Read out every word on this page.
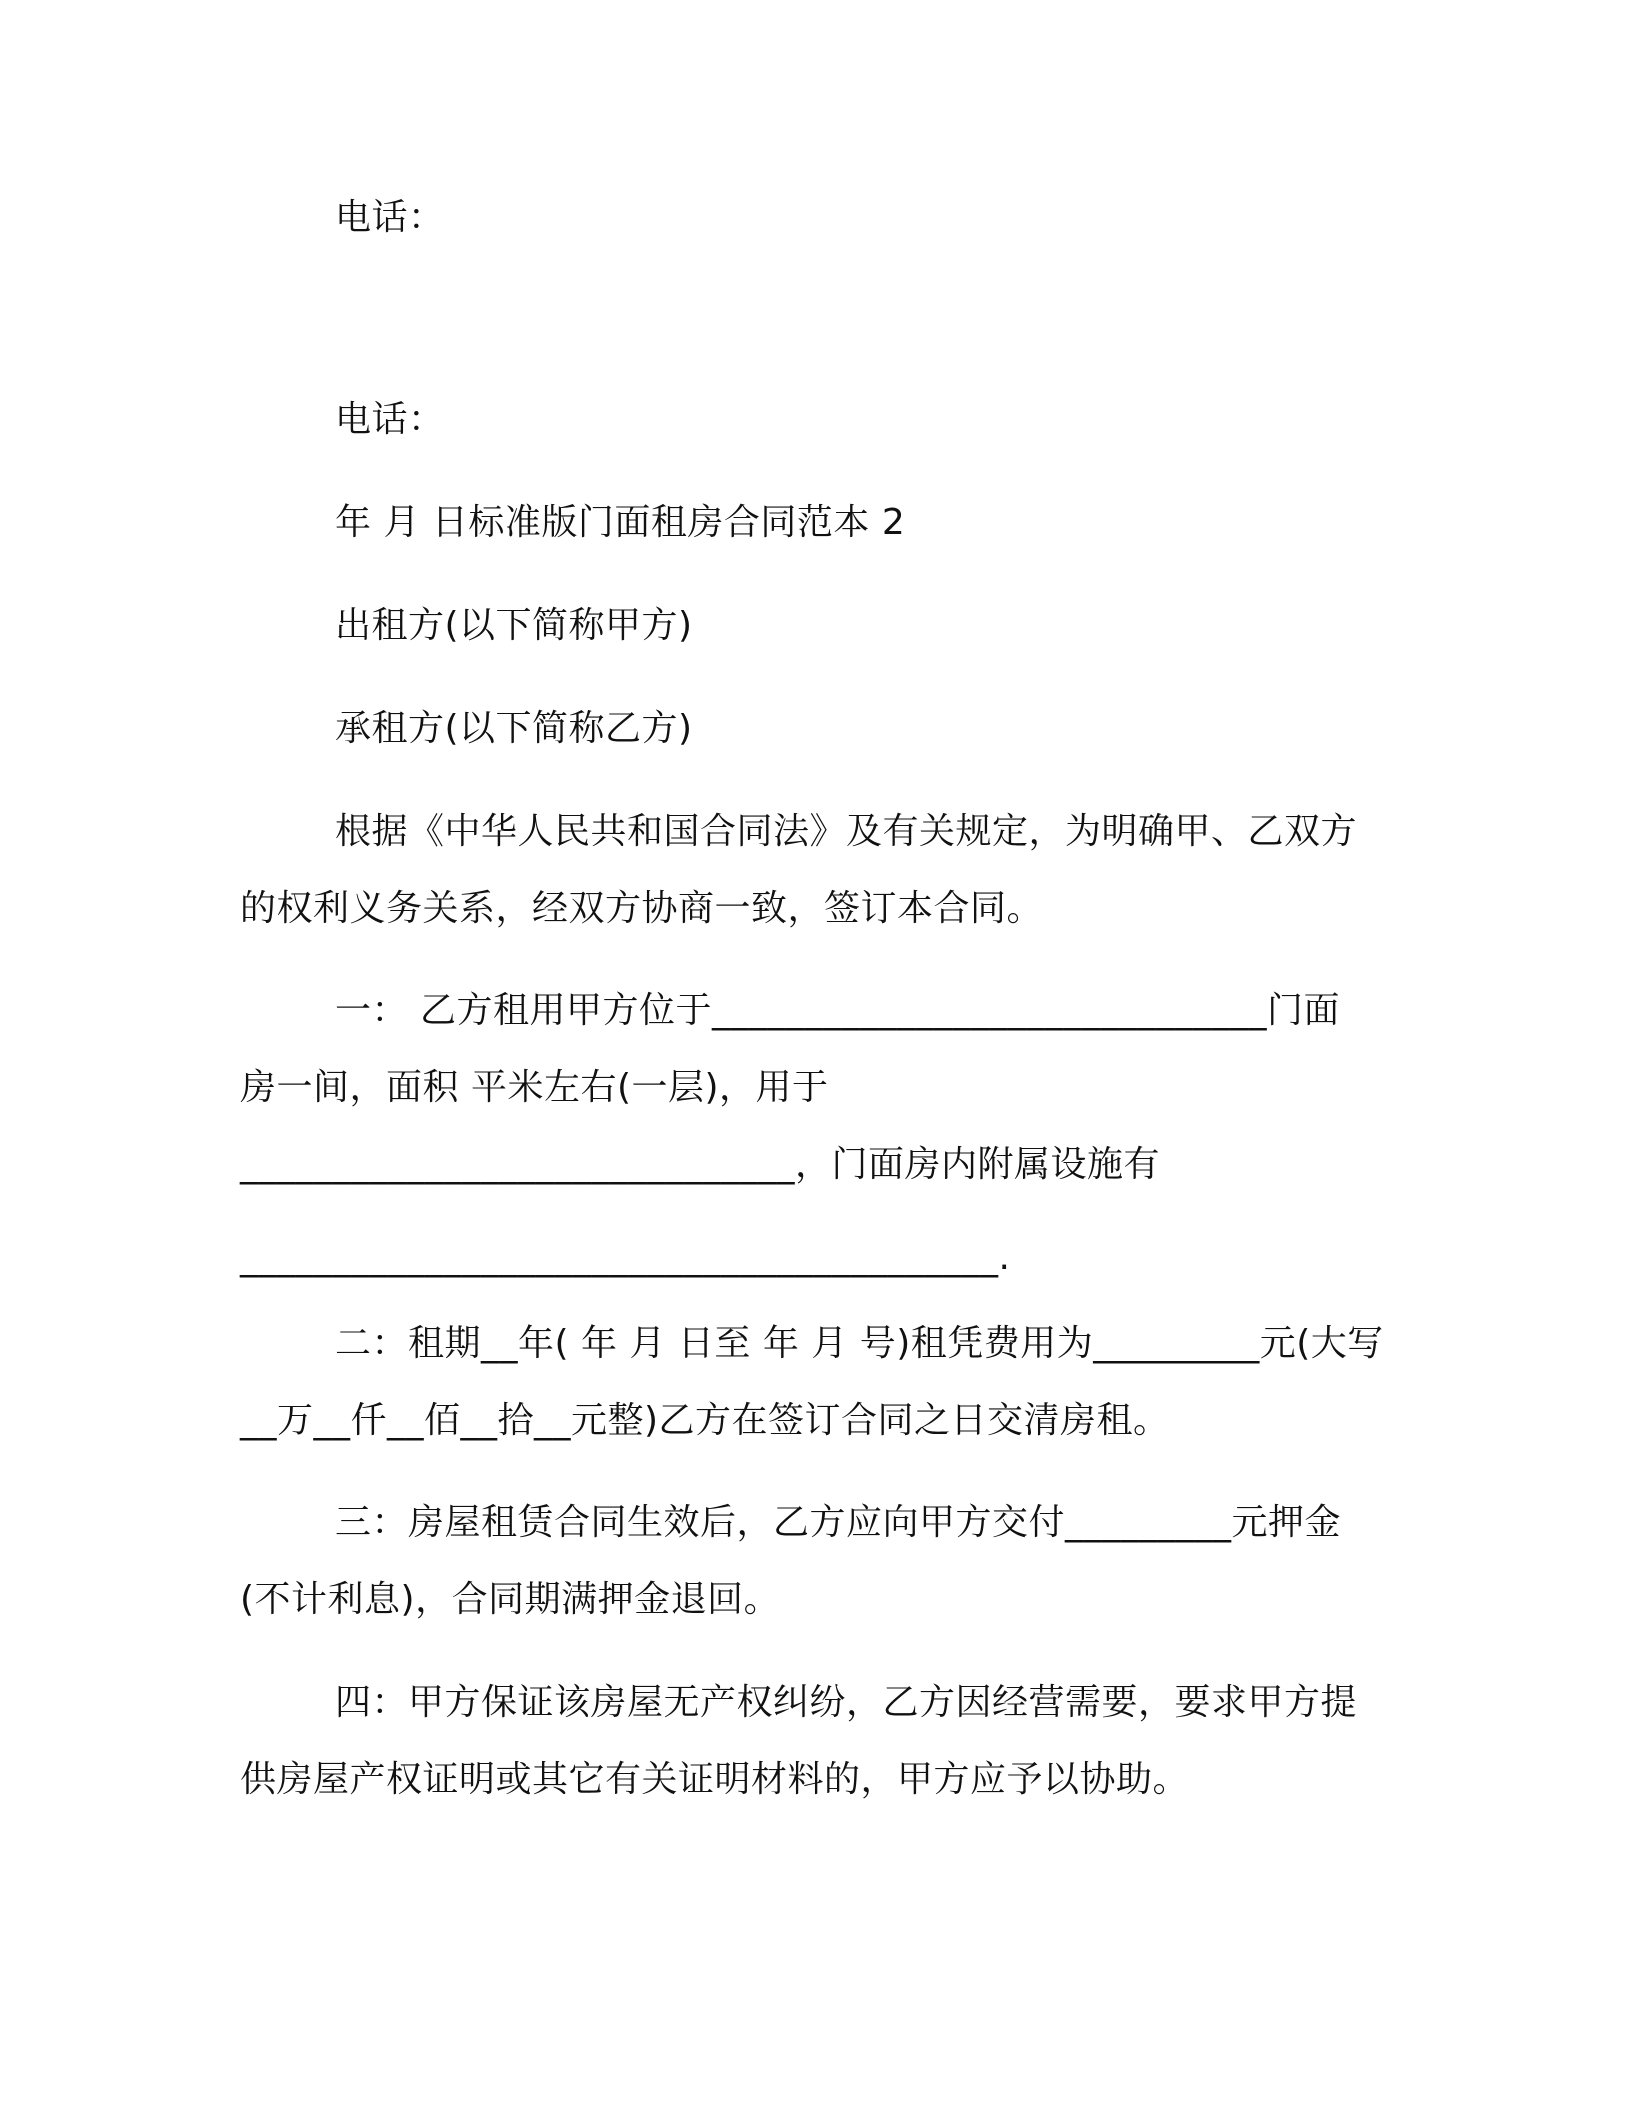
电话：
电话：
年 月 日标准版门面租房合同范本 2
出租方(以下简称甲方)
承租方(以下简称乙方)
根据《中华人民共和国合同法》及有关规定，为明确甲、乙双方
的权利义务关系，经双方协商一致，签订本合同。
一： 乙方租用甲方位于______________________________门面
房一间，面积 平米左右(一层)，用于
______________________________，门面房内附属设施有
_________________________________________.
二：租期__年( 年 月 日至 年 月 号)租凭费用为_________元(大写
__万__仟__佰__拾__元整)乙方在签订合同之日交清房租。
三：房屋租赁合同生效后，乙方应向甲方交付_________元押金
(不计利息)，合同期满押金退回。
四：甲方保证该房屋无产权纠纷，乙方因经营需要，要求甲方提
供房屋产权证明或其它有关证明材料的，甲方应予以协助。
